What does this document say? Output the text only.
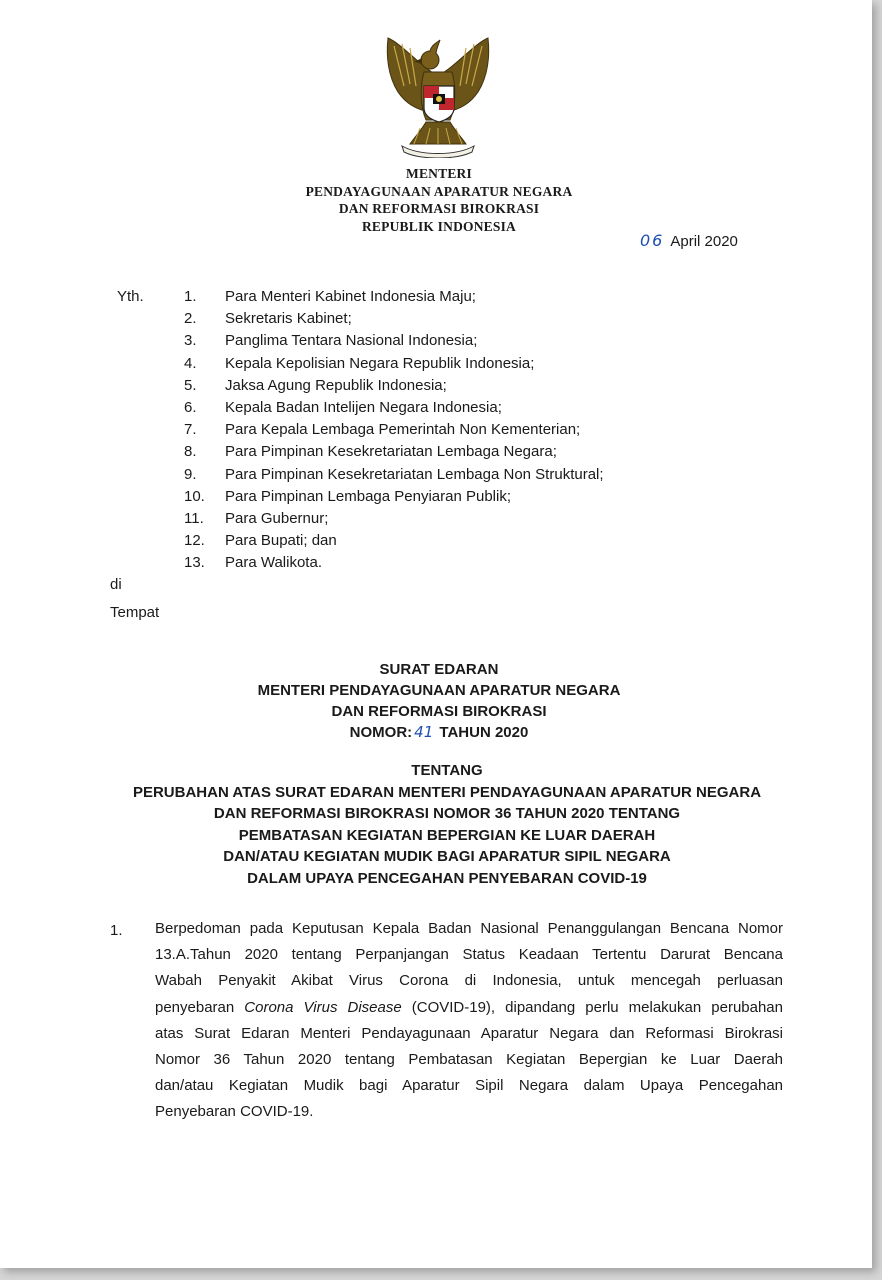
MENTERI
PENDAYAGUNAAN APARATUR NEGARA
DAN REFORMASI BIROKRASI
REPUBLIK INDONESIA
06 April 2020
Yth.	1.	Para Menteri Kabinet Indonesia Maju;
2.	Sekretaris Kabinet;
3.	Panglima Tentara Nasional Indonesia;
4.	Kepala Kepolisian Negara Republik Indonesia;
5.	Jaksa Agung Republik Indonesia;
6.	Kepala Badan Intelijen Negara Indonesia;
7.	Para Kepala Lembaga Pemerintah Non Kementerian;
8.	Para Pimpinan Kesekretariatan Lembaga Negara;
9.	Para Pimpinan Kesekretariatan Lembaga Non Struktural;
10.	Para Pimpinan Lembaga Penyiaran Publik;
11.	Para Gubernur;
12.	Para Bupati; dan
13.	Para Walikota.
di
Tempat
SURAT EDARAN
MENTERI PENDAYAGUNAAN APARATUR NEGARA
DAN REFORMASI BIROKRASI
NOMOR: 41 TAHUN 2020
TENTANG
PERUBAHAN ATAS SURAT EDARAN MENTERI PENDAYAGUNAAN APARATUR NEGARA
DAN REFORMASI BIROKRASI NOMOR 36 TAHUN 2020 TENTANG
PEMBATASAN KEGIATAN BEPERGIAN KE LUAR DAERAH
DAN/ATAU KEGIATAN MUDIK BAGI APARATUR SIPIL NEGARA
DALAM UPAYA PENCEGAHAN PENYEBARAN COVID-19
1. Berpedoman pada Keputusan Kepala Badan Nasional Penanggulangan Bencana Nomor
13.A.Tahun 2020 tentang Perpanjangan Status Keadaan Tertentu Darurat Bencana
Wabah Penyakit Akibat Virus Corona di Indonesia, untuk mencegah perluasan
penyebaran Corona Virus Disease (COVID-19), dipandang perlu melakukan perubahan
atas Surat Edaran Menteri Pendayagunaan Aparatur Negara dan Reformasi Birokrasi
Nomor 36 Tahun 2020 tentang Pembatasan Kegiatan Bepergian ke Luar Daerah
dan/atau Kegiatan Mudik bagi Aparatur Sipil Negara dalam Upaya Pencegahan
Penyebaran COVID-19.
